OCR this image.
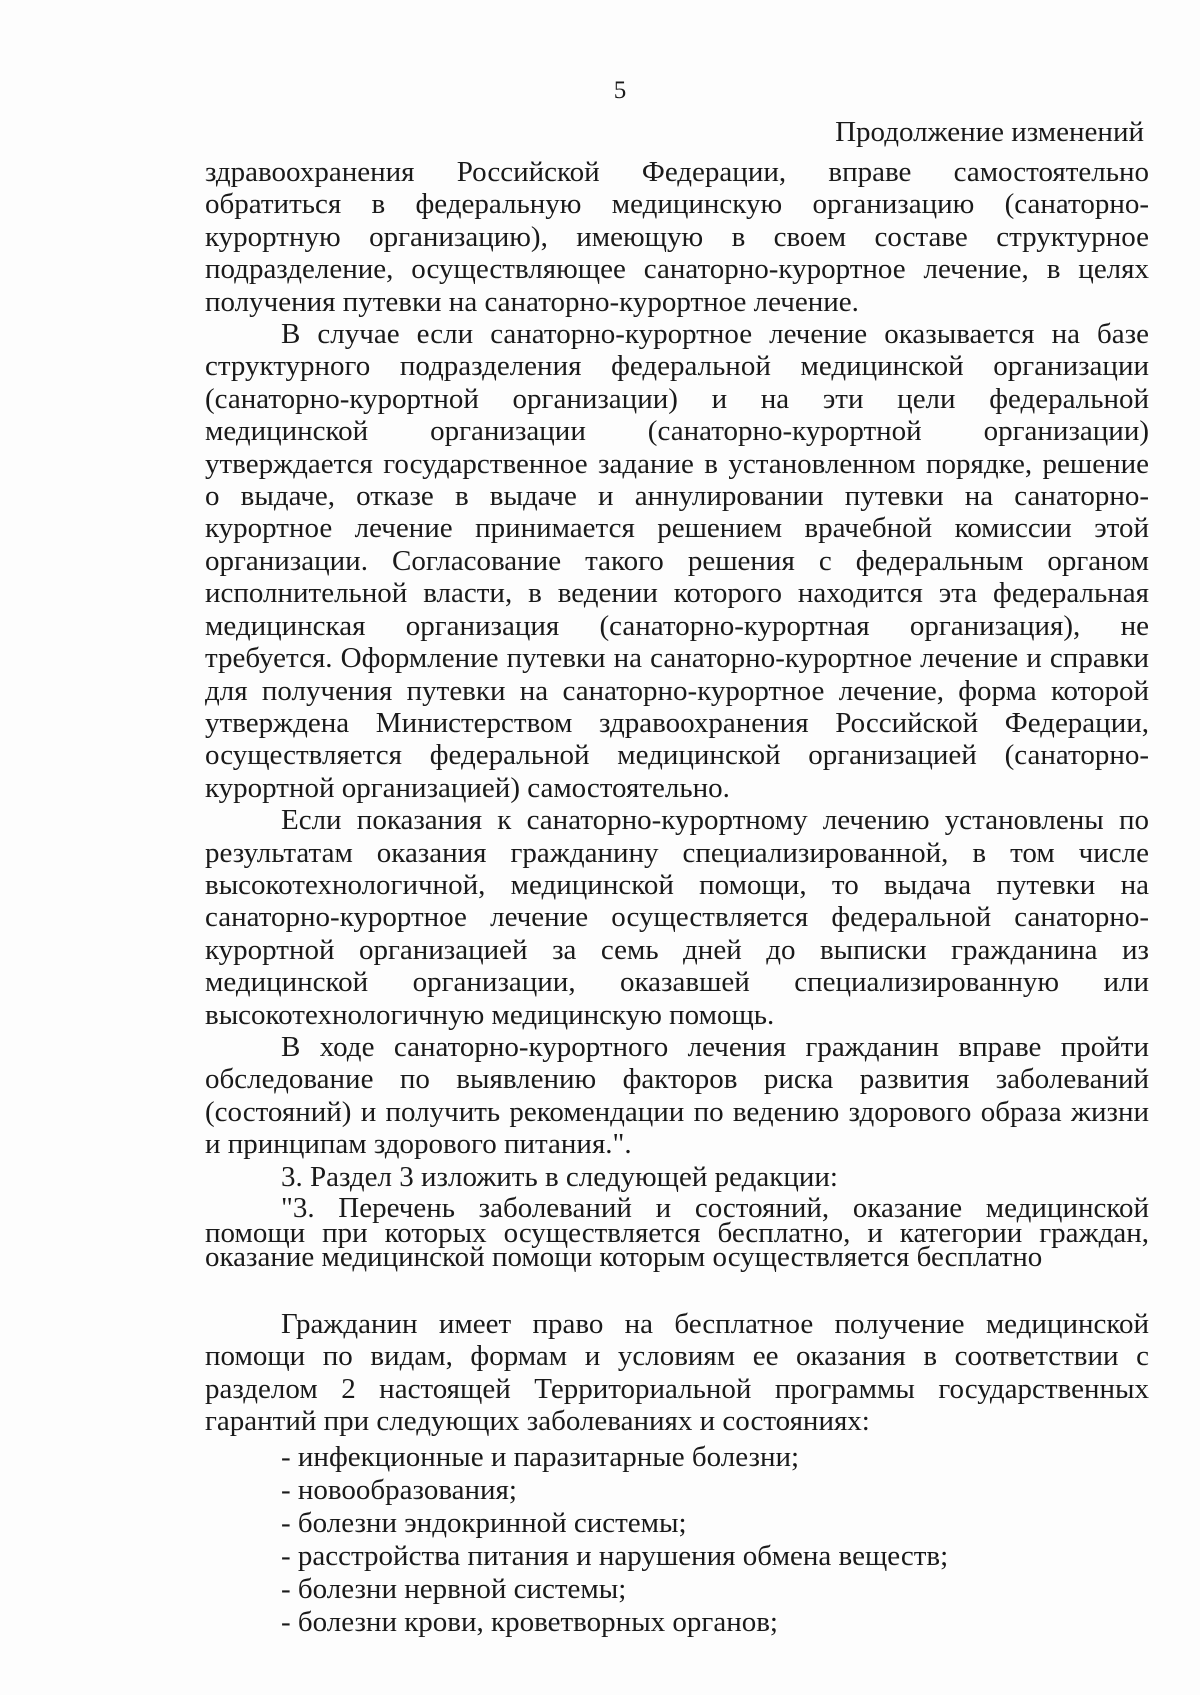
5
Продолжение изменений

здравоохранения Российской Федерации, вправе самостоятельно обратиться в федеральную медицинскую организацию (санаторно-курортную организацию), имеющую в своем составе структурное подразделение, осуществляющее санаторно-курортное лечение, в целях получения путевки на санаторно-курортное лечение.

В случае если санаторно-курортное лечение оказывается на базе структурного подразделения федеральной медицинской организации (санаторно-курортной организации) и на эти цели федеральной медицинской организации (санаторно-курортной организации) утверждается государственное задание в установленном порядке, решение о выдаче, отказе в выдаче и аннулировании путевки на санаторно-курортное лечение принимается решением врачебной комиссии этой организации. Согласование такого решения с федеральным органом исполнительной власти, в ведении которого находится эта федеральная медицинская организация (санаторно-курортная организация), не требуется. Оформление путевки на санаторно-курортное лечение и справки для получения путевки на санаторно-курортное лечение, форма которой утверждена Министерством здравоохранения Российской Федерации, осуществляется федеральной медицинской организацией (санаторно-курортной организацией) самостоятельно.

Если показания к санаторно-курортному лечению установлены по результатам оказания гражданину специализированной, в том числе высокотехнологичной, медицинской помощи, то выдача путевки на санаторно-курортное лечение осуществляется федеральной санаторно-курортной организацией за семь дней до выписки гражданина из медицинской организации, оказавшей специализированную или высокотехнологичную медицинскую помощь.

В ходе санаторно-курортного лечения гражданин вправе пройти обследование по выявлению факторов риска развития заболеваний (состояний) и получить рекомендации по ведению здорового образа жизни и принципам здорового питания.".

3. Раздел 3 изложить в следующей редакции:

"3. Перечень заболеваний и состояний, оказание медицинской помощи при которых осуществляется бесплатно, и категории граждан, оказание медицинской помощи которым осуществляется бесплатно

Гражданин имеет право на бесплатное получение медицинской помощи по видам, формам и условиям ее оказания в соответствии с разделом 2 настоящей Территориальной программы государственных гарантий при следующих заболеваниях и состояниях:

- инфекционные и паразитарные болезни;
- новообразования;
- болезни эндокринной системы;
- расстройства питания и нарушения обмена веществ;
- болезни нервной системы;
- болезни крови, кроветворных органов;
